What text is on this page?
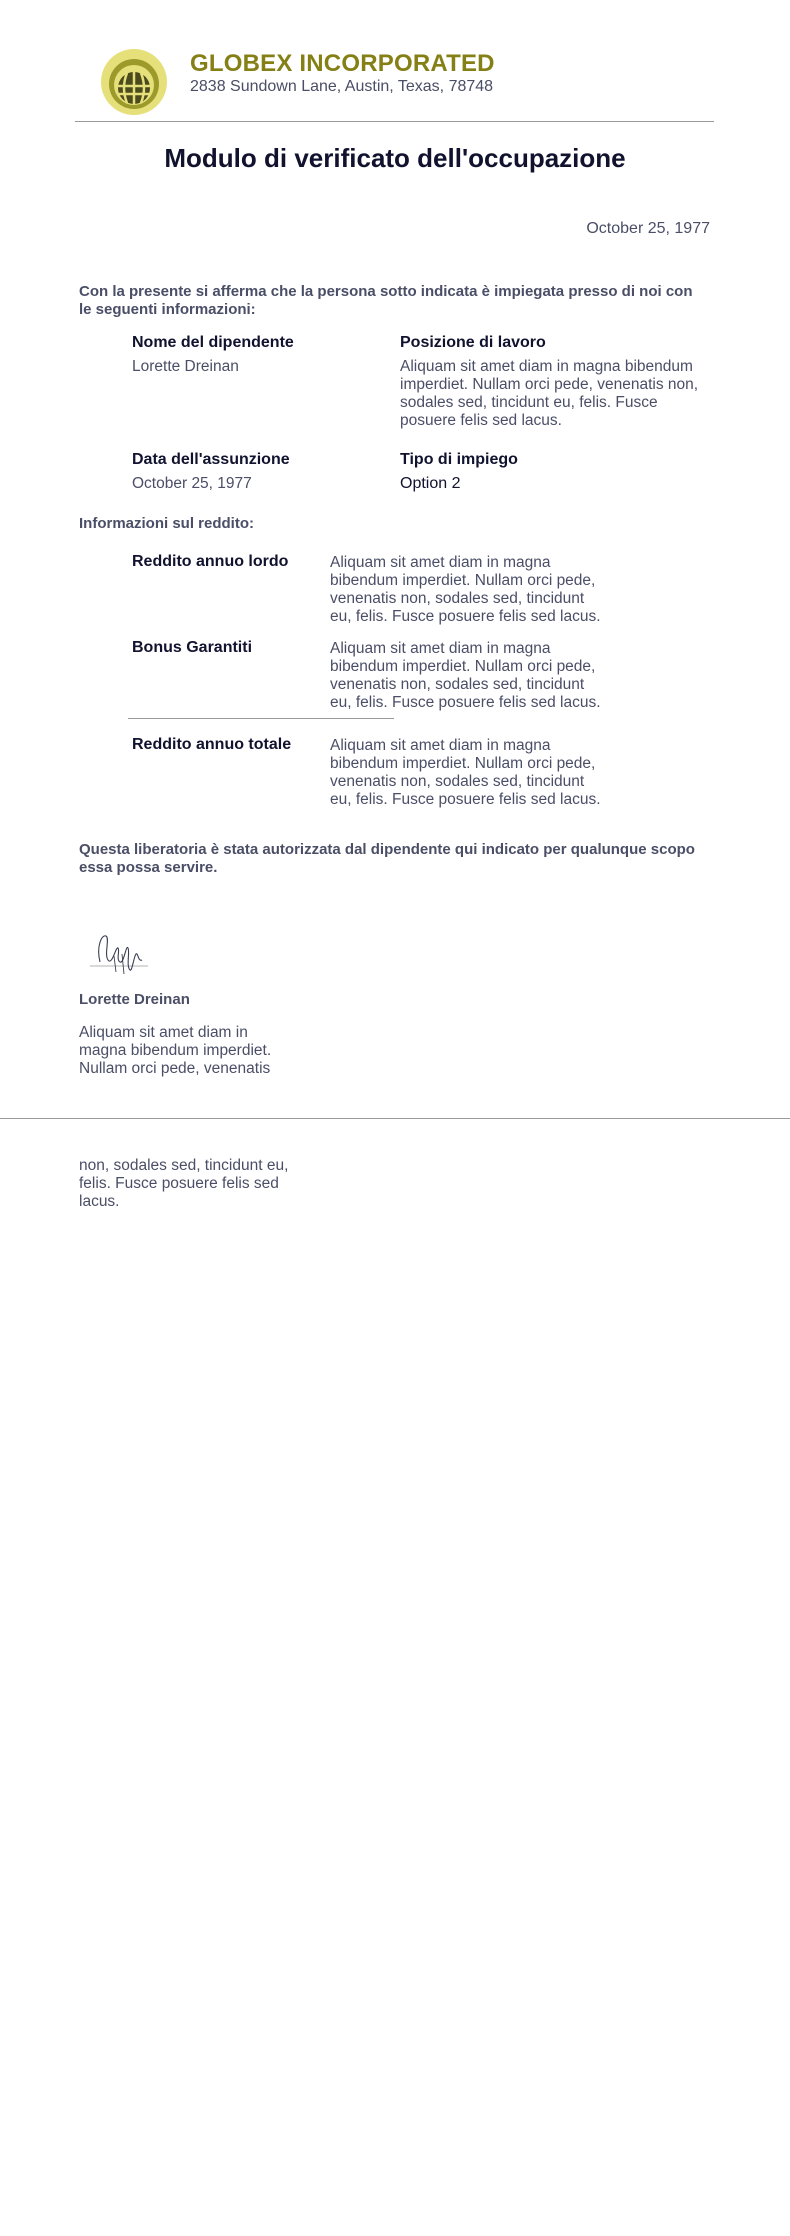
GLOBEX INCORPORATED
2838 Sundown Lane, Austin, Texas, 78748
Modulo di verificato dell'occupazione
October 25, 1977
Con la presente si afferma che la persona sotto indicata è impiegata presso di noi con le seguenti informazioni:
Nome del dipendente
Lorette Dreinan
Posizione di lavoro
Aliquam sit amet diam in magna bibendum imperdiet. Nullam orci pede, venenatis non, sodales sed, tincidunt eu, felis. Fusce posuere felis sed lacus.
Data dell'assunzione
October 25, 1977
Tipo di impiego
Option 2
Informazioni sul reddito:
Reddito annuo lordo	Aliquam sit amet diam in magna bibendum imperdiet. Nullam orci pede, venenatis non, sodales sed, tincidunt eu, felis. Fusce posuere felis sed lacus.
Bonus Garantiti	Aliquam sit amet diam in magna bibendum imperdiet. Nullam orci pede, venenatis non, sodales sed, tincidunt eu, felis. Fusce posuere felis sed lacus.
Reddito annuo totale	Aliquam sit amet diam in magna bibendum imperdiet. Nullam orci pede, venenatis non, sodales sed, tincidunt eu, felis. Fusce posuere felis sed lacus.
Questa liberatoria è stata autorizzata dal dipendente qui indicato per qualunque scopo essa possa servire.
Lorette Dreinan
Aliquam sit amet diam in magna bibendum imperdiet. Nullam orci pede, venenatis
non, sodales sed, tincidunt eu, felis. Fusce posuere felis sed lacus.
